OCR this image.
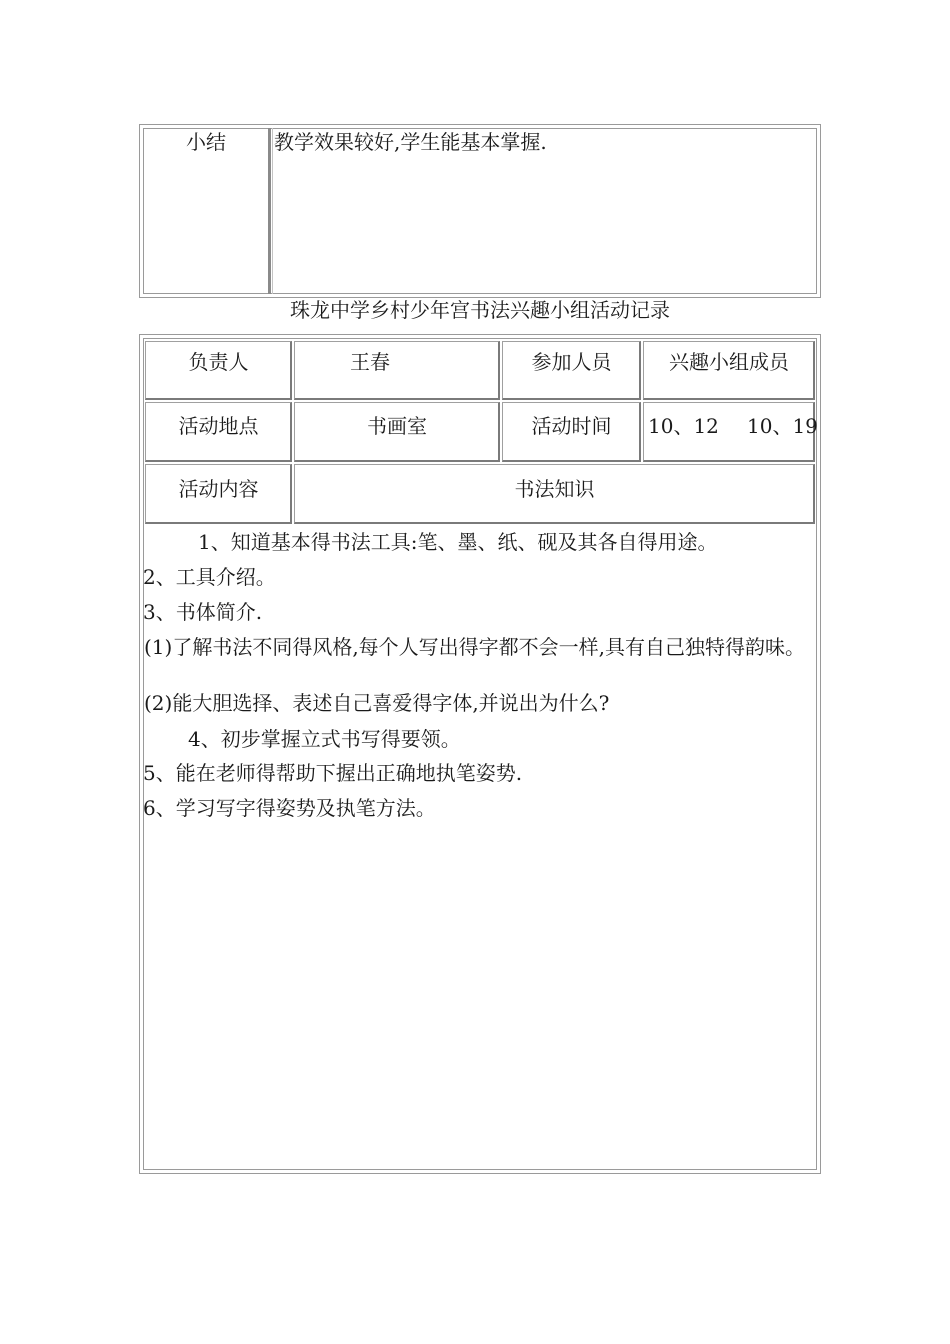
小结 教学效果较好,学生能基本掌握.
珠龙中学乡村少年宫书法兴趣小组活动记录
负责人	王春	参加人员	兴趣小组成员
活动地点	书画室	活动时间	10、12 10、19
活动内容	书法知识
1、知道基本得书法工具:笔、墨、纸、砚及其各自得用途。
2、工具介绍。
3、书体简介.
(1)了解书法不同得风格,每个人写出得字都不会一样,具有自己独特得韵味。
(2)能大胆选择、表述自己喜爱得字体,并说出为什么?
4、初步掌握立式书写得要领。
5、能在老师得帮助下握出正确地执笔姿势.
6、学习写字得姿势及执笔方法。
